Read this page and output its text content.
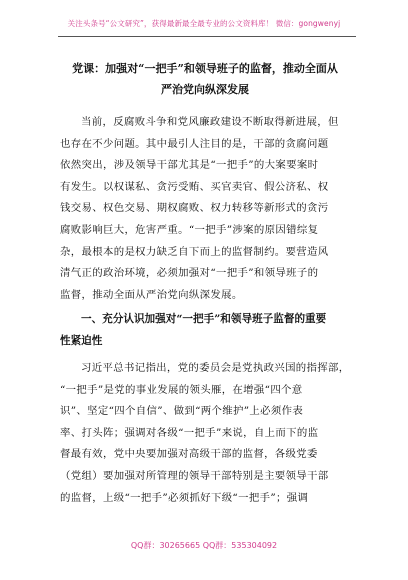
关注头条号“公文研究”，获得最新最全最专业的公文资料库！ 微信：gongwenyj
党课：加强对“一把手”和领导班子的监督，推动全面从
严治党向纵深发展
当前，反腐败斗争和党风廉政建设不断取得新进展，但
也存在不少问题。其中最引人注目的是，干部的贪腐问题
依然突出，涉及领导干部尤其是“一把手”的大案要案时
有发生。以权谋私、贪污受贿、买官卖官、假公济私、权
钱交易、权色交易、期权腐败、权力转移等新形式的贪污
腐败影响巨大，危害严重。“一把手”涉案的原因错综复
杂，最根本的是权力缺乏自下而上的监督制约。要营造风
清气正的政治环境，必须加强对“一把手”和领导班子的
监督，推动全面从严治党向纵深发展。
一、充分认识加强对“一把手”和领导班子监督的重要
性紧迫性
习近平总书记指出，党的委员会是党执政兴国的指挥部，
“一把手”是党的事业发展的领头雁，在增强“四个意
识”、坚定“四个自信”、做到“两个维护”上必须作表
率、打头阵；强调对各级“一把手”来说，自上而下的监
督最有效，党中央要加强对高级干部的监督，各级党委
（党组）要加强对所管理的领导干部特别是主要领导干部
的监督，上级“一把手”必须抓好下级“一把手”；强调
QQ群：30265665 QQ群：535304092
